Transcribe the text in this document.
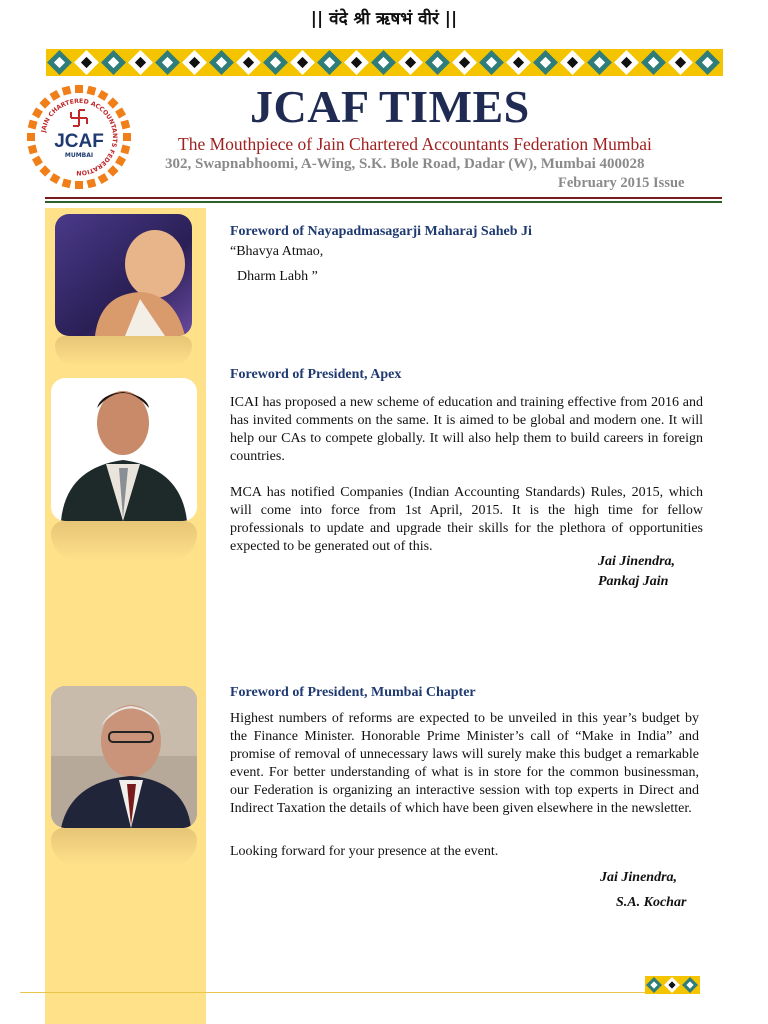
|| वंदे श्री ऋषभं वीरं ||
JAIN CHARTERED ACCOUNTANTS FEDERATION
JCAF
MUMBAI
JCAF TIMES
The Mouthpiece of Jain Chartered Accountants Federation Mumbai
302, Swapnabhoomi, A-Wing, S.K. Bole Road, Dadar (W), Mumbai 400028
February 2015 Issue
Foreword of Nayapadmasagarji Maharaj Saheb Ji
“Bhavya Atmao,
Dharm Labh ”
Foreword of President, Apex
ICAI has proposed a new scheme of education and training effective from 2016 and has invited comments on the same. It is aimed to be global and modern one. It will help our CAs to compete globally. It will also help them to build careers in foreign countries.
MCA has notified Companies (Indian Accounting Standards) Rules, 2015, which will come into force from 1st April, 2015. It is the high time for fellow professionals to update and upgrade their skills for the plethora of opportunities expected to be generated out of this.
Jai Jinendra,
Pankaj Jain
Foreword of President, Mumbai Chapter
Highest numbers of reforms are expected to be unveiled in this year’s budget by the Finance Minister. Honorable Prime Minister’s call of “Make in India” and promise of removal of unnecessary laws will surely make this budget a remarkable event. For better understanding of what is in store for the common businessman, our Federation is organizing an interactive session with top experts in Direct and Indirect Taxation the details of which have been given elsewhere in the newsletter.
Looking forward for your presence at the event.
Jai Jinendra,
S.A. Kochar
